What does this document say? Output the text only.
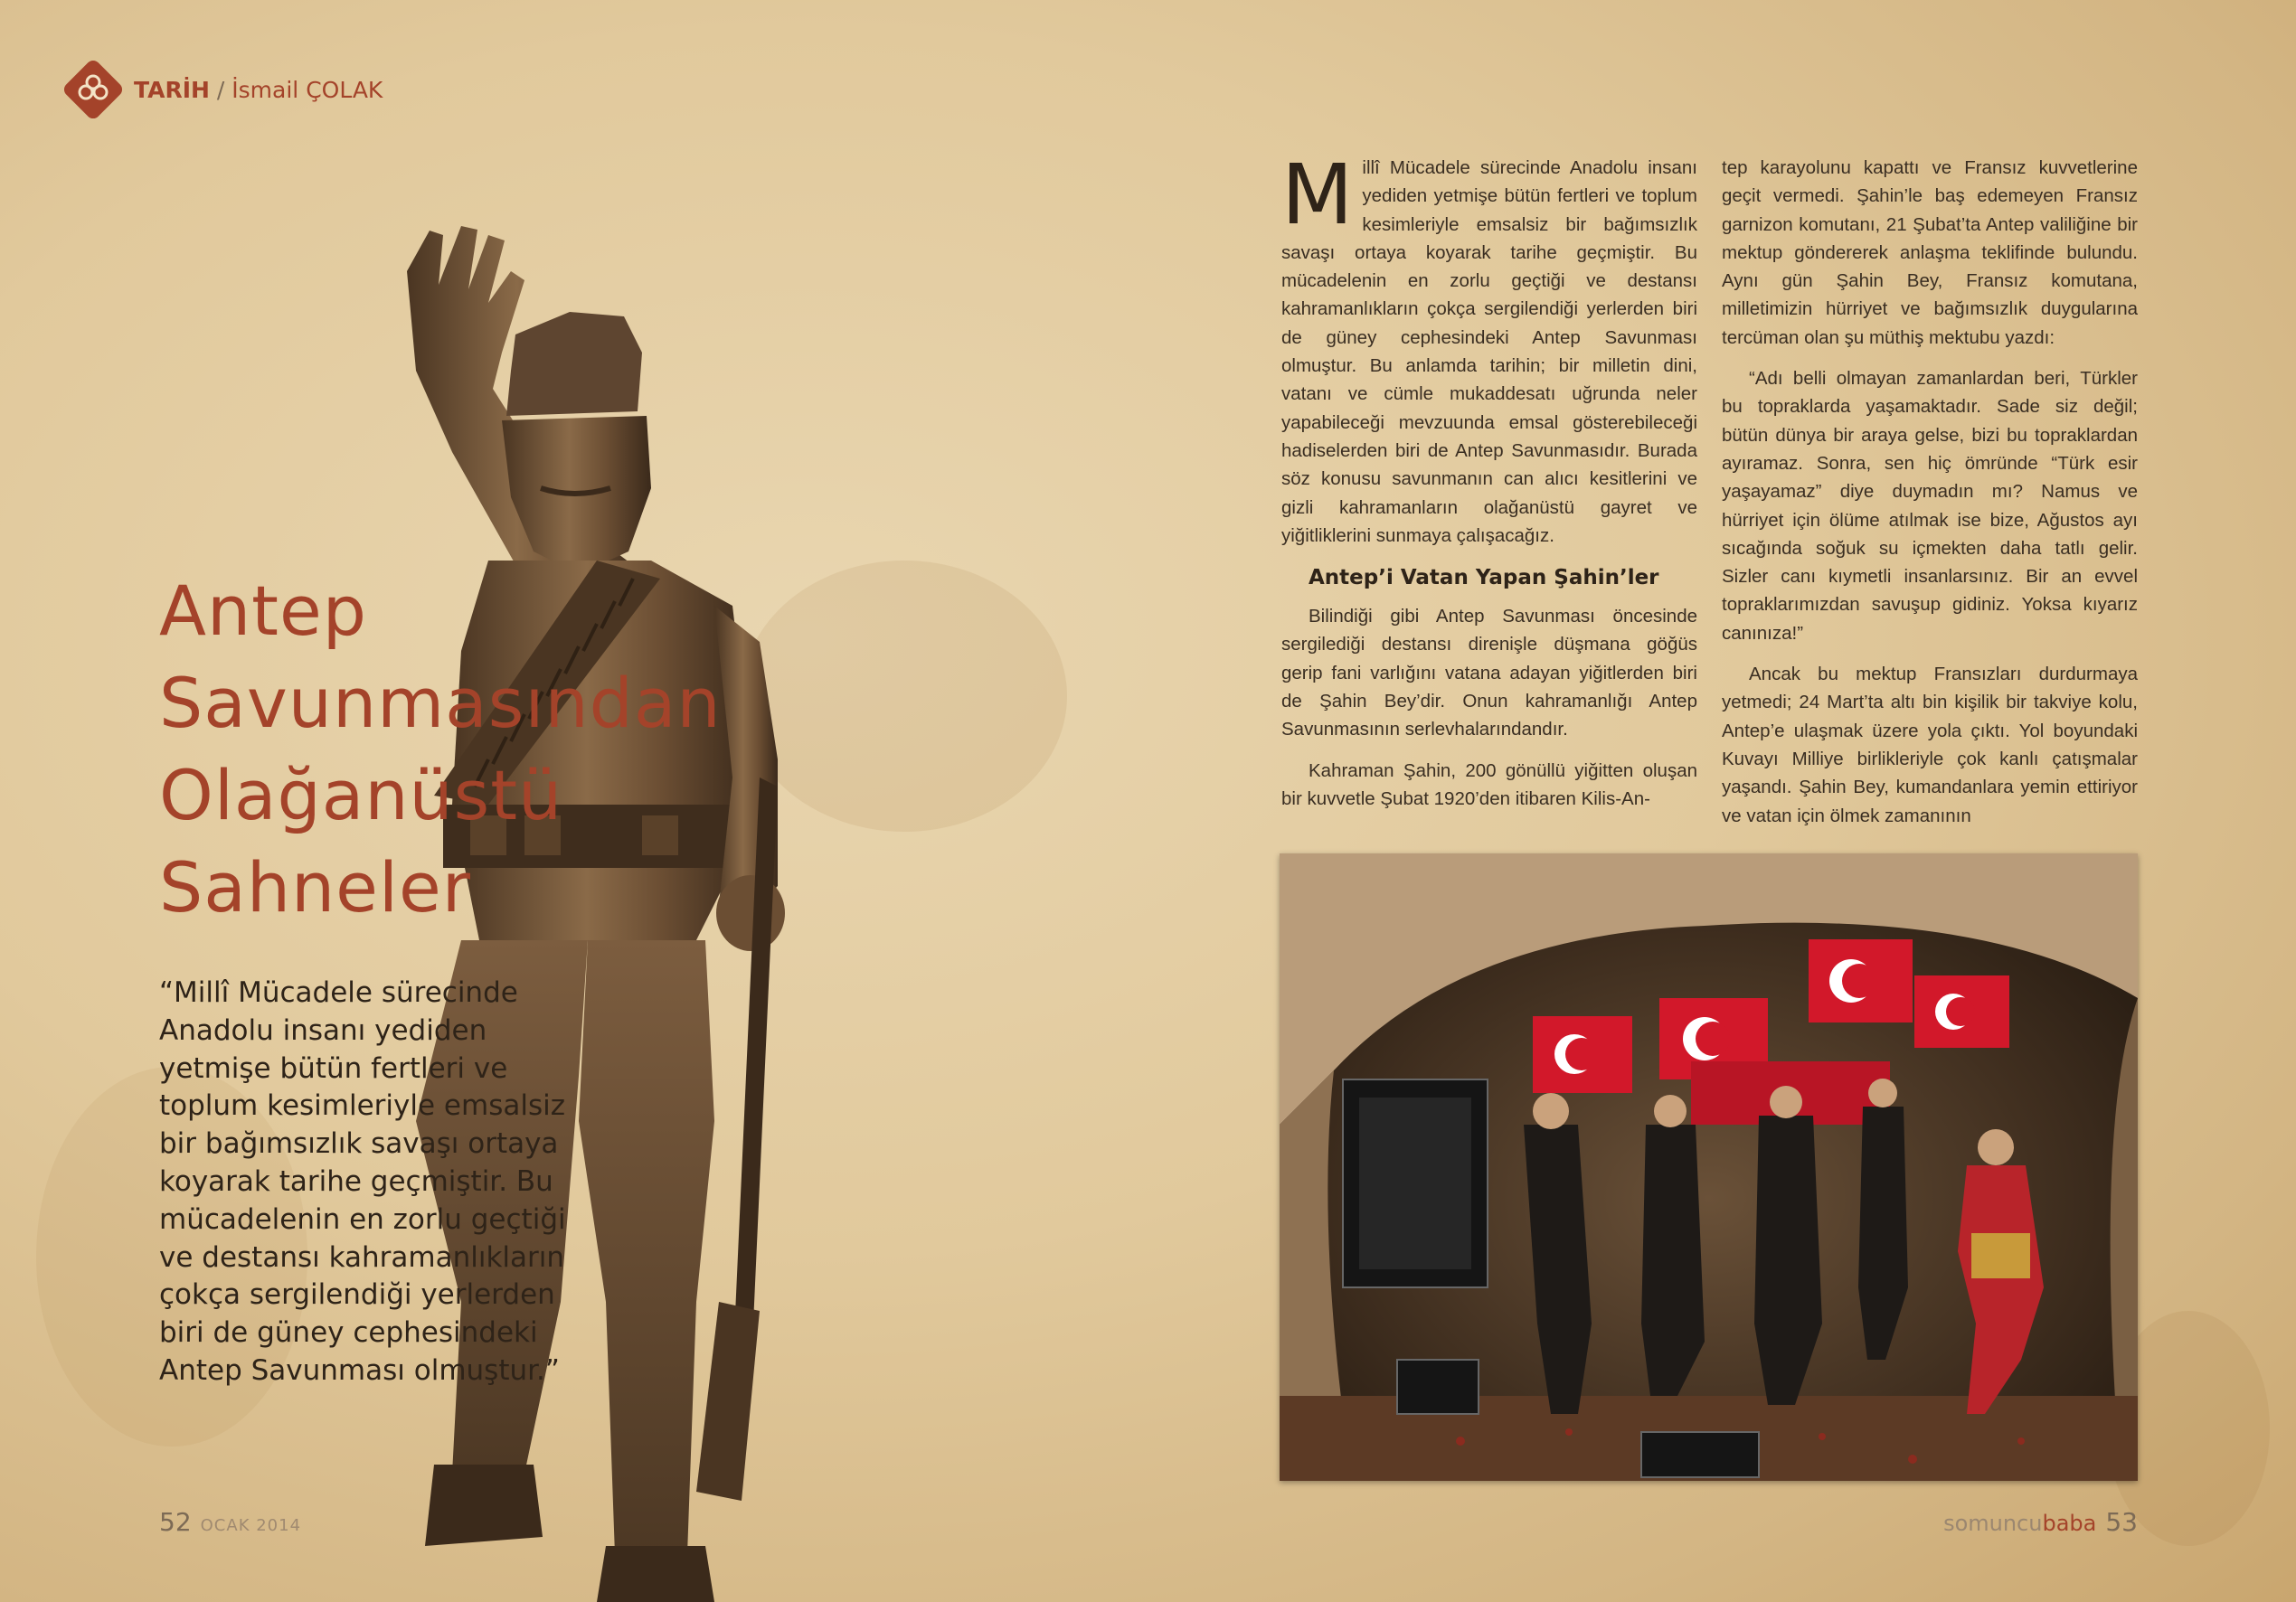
TARİH / İsmail ÇOLAK
Antep
Savunmasından
Olağanüstü
Sahneler
“Millî Mücadele sürecinde
Anadolu insanı yediden
yetmişe bütün fertleri ve
toplum kesimleriyle emsalsiz
bir bağımsızlık savaşı ortaya
koyarak tarihe geçmiştir. Bu
mücadelenin en zorlu geçtiği
ve destansı kahramanlıkların
çokça sergilendiği yerlerden
biri de güney cephesindeki
Antep Savunması olmuştur.”

Millî Mücadele sürecinde Anadolu insanı yediden yetmişe bütün fertleri ve toplum kesimleriyle emsalsiz bir bağımsızlık savaşı ortaya koyarak tarihe geçmiştir. Bu mücadelenin en zorlu geçtiği ve destansı kahramanlıkların çokça sergilendiği yerlerden biri de güney cephesindeki Antep Savunması olmuştur. Bu anlamda tarihin; bir milletin dini, vatanı ve cümle mukaddesatı uğrunda neler yapabileceği mevzuunda emsal gösterebileceği hadiselerden biri de Antep Savunmasıdır. Burada söz konusu savunmanın can alıcı kesitlerini ve gizli kahramanların olağanüstü gayret ve yiğitliklerini sunmaya çalışacağız.

Antep’i Vatan Yapan Şahin’ler

Bilindiği gibi Antep Savunması öncesinde sergilediği destansı direnişle düşmana göğüs gerip fani varlığını vatana adayan yiğitlerden biri de Şahin Bey’dir. Onun kahramanlığı Antep Savunmasının serlevhalarındandır.

Kahraman Şahin, 200 gönüllü yiğitten oluşan bir kuvvetle Şubat 1920’den itibaren Kilis-An-

tep karayolunu kapattı ve Fransız kuvvetlerine geçit vermedi. Şahin’le baş edemeyen Fransız garnizon komutanı, 21 Şubat’ta Antep valiliğine bir mektup göndererek anlaşma teklifinde bulundu. Aynı gün Şahin Bey, Fransız komutana, milletimizin hürriyet ve bağımsızlık duygularına tercüman olan şu müthiş mektubu yazdı:

“Adı belli olmayan zamanlardan beri, Türkler bu topraklarda yaşamaktadır. Sade siz değil; bütün dünya bir araya gelse, bizi bu topraklardan ayıramaz. Sonra, sen hiç ömründe “Türk esir yaşayamaz” diye duymadın mı? Namus ve hürriyet için ölüme atılmak ise bize, Ağustos ayı sıcağında soğuk su içmekten daha tatlı gelir. Sizler canı kıymetli insanlarsınız. Bir an evvel topraklarımızdan savuşup gidiniz. Yoksa kıyarız canınıza!”

Ancak bu mektup Fransızları durdurmaya yetmedi; 24 Mart’ta altı bin kişilik bir takviye kolu, Antep’e ulaşmak üzere yola çıktı. Yol boyundaki Kuvayı Milliye birlikleriyle çok kanlı çatışmalar yaşandı. Şahin Bey, kumandanlara yemin ettiriyor ve vatan için ölmek zamanının

52 OCAK 2014	somuncubaba 53
